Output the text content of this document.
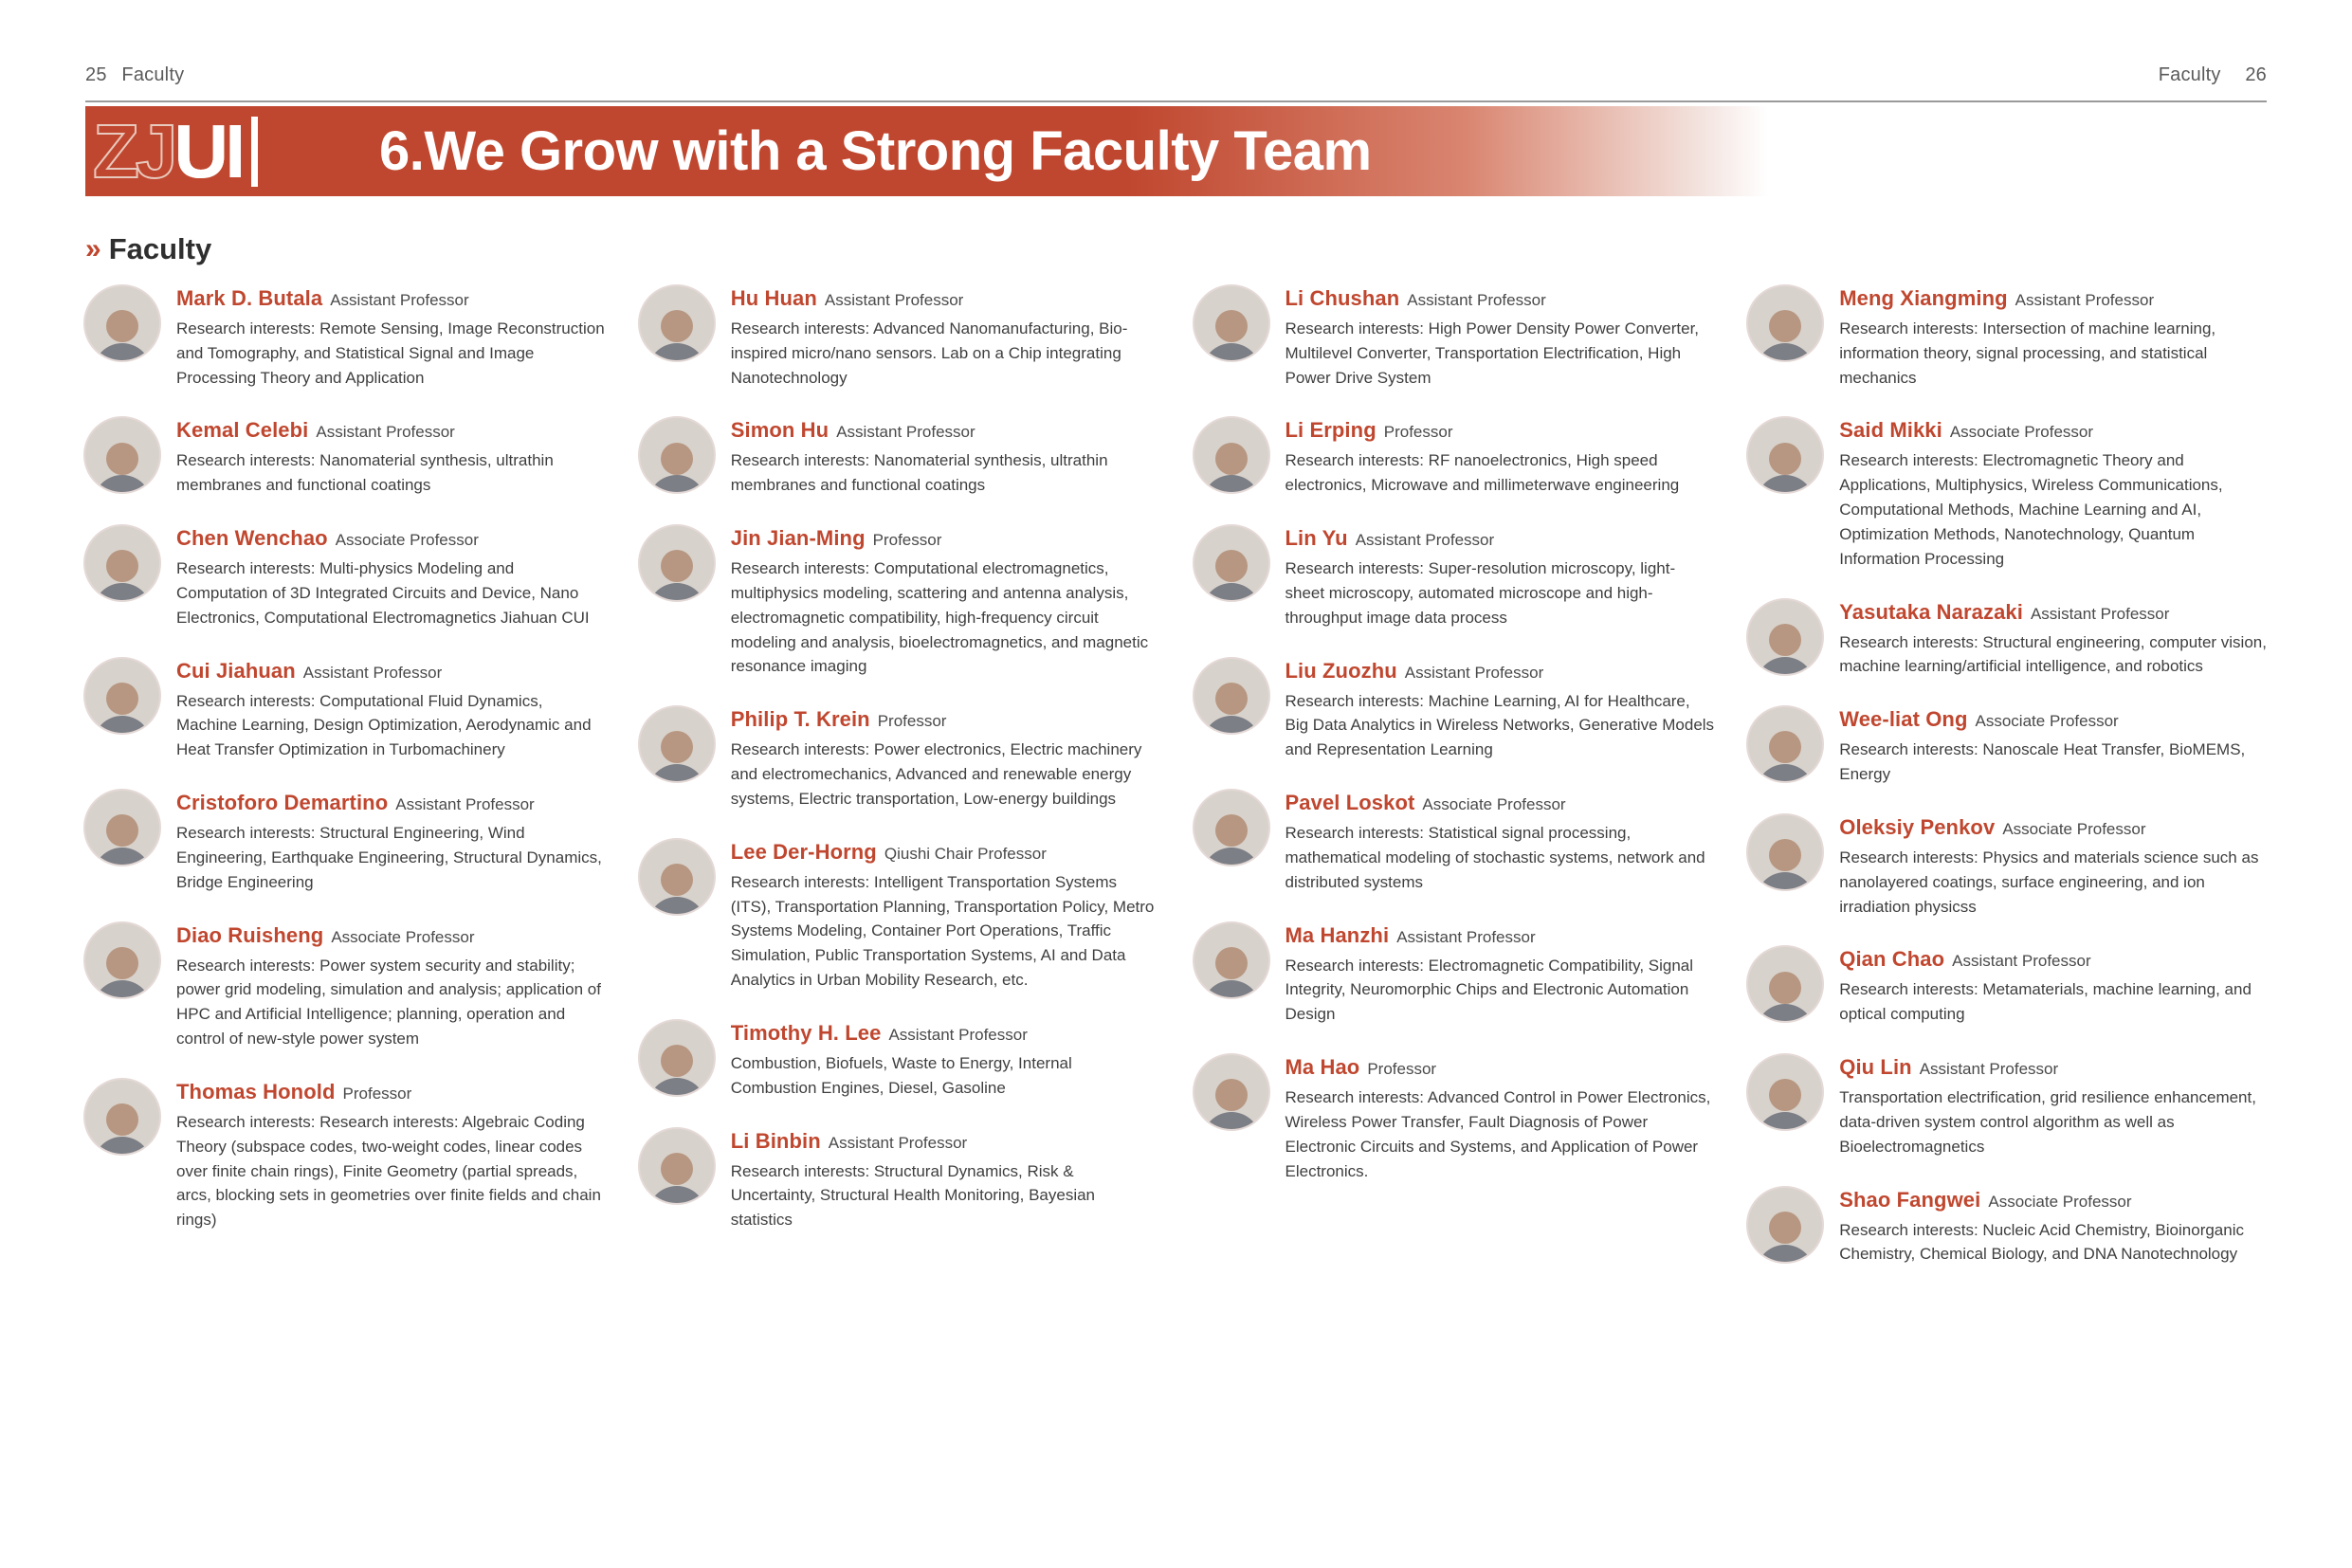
25 Faculty	Faculty 26
ZJ UI 6.We Grow with a Strong Faculty Team
» Faculty
Mark D. Butala Assistant Professor
Research interests: Remote Sensing, Image Reconstruction and Tomography, and Statistical Signal and Image Processing Theory and Application
Kemal Celebi Assistant Professor
Research interests: Nanomaterial synthesis, ultrathin membranes and functional coatings
Chen Wenchao Associate Professor
Research interests: Multi-physics Modeling and Computation of 3D Integrated Circuits and Device, Nano Electronics, Computational Electromagnetics Jiahuan CUI
Cui Jiahuan Assistant Professor
Research interests: Computational Fluid Dynamics, Machine Learning, Design Optimization, Aerodynamic and Heat Transfer Optimization in Turbomachinery
Cristoforo Demartino Assistant Professor
Research interests: Structural Engineering, Wind Engineering, Earthquake Engineering, Structural Dynamics, Bridge Engineering
Diao Ruisheng Associate Professor
Research interests: Power system security and stability; power grid modeling, simulation and analysis; application of HPC and Artificial Intelligence; planning, operation and control of new-style power system
Thomas Honold Professor
Research interests: Research interests: Algebraic Coding Theory (subspace codes, two-weight codes, linear codes over finite chain rings), Finite Geometry (partial spreads, arcs, blocking sets in geometries over finite fields and chain rings)
Hu Huan Assistant Professor
Research interests: Advanced Nanomanufacturing, Bio-inspired micro/nano sensors. Lab on a Chip integrating Nanotechnology
Simon Hu Assistant Professor
Research interests: Nanomaterial synthesis, ultrathin membranes and functional coatings
Jin Jian-Ming Professor
Research interests: Computational electromagnetics, multiphysics modeling, scattering and antenna analysis, electromagnetic compatibility, high-frequency circuit modeling and analysis, bioelectromagnetics, and magnetic resonance imaging
Philip T. Krein Professor
Research interests: Power electronics, Electric machinery and electromechanics, Advanced and renewable energy systems, Electric transportation, Low-energy buildings
Lee Der-Horng Qiushi Chair Professor
Research interests: Intelligent Transportation Systems (ITS), Transportation Planning, Transportation Policy, Metro Systems Modeling, Container Port Operations, Traffic Simulation, Public Transportation Systems, AI and Data Analytics in Urban Mobility Research, etc.
Timothy H. Lee Assistant Professor
Combustion, Biofuels, Waste to Energy, Internal Combustion Engines, Diesel, Gasoline
Li Binbin Assistant Professor
Research interests: Structural Dynamics, Risk & Uncertainty, Structural Health Monitoring, Bayesian statistics
Li Chushan Assistant Professor
Research interests: High Power Density Power Converter, Multilevel Converter, Transportation Electrification, High Power Drive System
Li Erping Professor
Research interests: RF nanoelectronics, High speed electronics, Microwave and millimeterwave engineering
Lin Yu Assistant Professor
Research interests: Super-resolution microscopy, light-sheet microscopy, automated microscope and high-throughput image data process
Liu Zuozhu Assistant Professor
Research interests: Machine Learning, AI for Healthcare, Big Data Analytics in Wireless Networks, Generative Models and Representation Learning
Pavel Loskot Associate Professor
Research interests: Statistical signal processing, mathematical modeling of stochastic systems, network and distributed systems
Ma Hanzhi Assistant Professor
Research interests: Electromagnetic Compatibility, Signal Integrity, Neuromorphic Chips and Electronic Automation Design
Ma Hao Professor
Research interests: Advanced Control in Power Electronics, Wireless Power Transfer, Fault Diagnosis of Power Electronic Circuits and Systems, and Application of Power Electronics.
Meng Xiangming Assistant Professor
Research interests: Intersection of machine learning, information theory, signal processing, and statistical mechanics
Said Mikki Associate Professor
Research interests: Electromagnetic Theory and Applications, Multiphysics, Wireless Communications, Computational Methods, Machine Learning and AI, Optimization Methods, Nanotechnology, Quantum Information Processing
Yasutaka Narazaki Assistant Professor
Research interests: Structural engineering, computer vision, machine learning/artificial intelligence, and robotics
Wee-liat Ong Associate Professor
Research interests: Nanoscale Heat Transfer, BioMEMS, Energy
Oleksiy Penkov Associate Professor
Research interests: Physics and materials science such as nanolayered coatings, surface engineering, and ion irradiation physicss
Qian Chao Assistant Professor
Research interests: Metamaterials, machine learning, and optical computing
Qiu Lin Assistant Professor
Transportation electrification, grid resilience enhancement, data-driven system control algorithm as well as Bioelectromagnetics
Shao Fangwei Associate Professor
Research interests: Nucleic Acid Chemistry, Bioinorganic Chemistry, Chemical Biology, and DNA Nanotechnology
